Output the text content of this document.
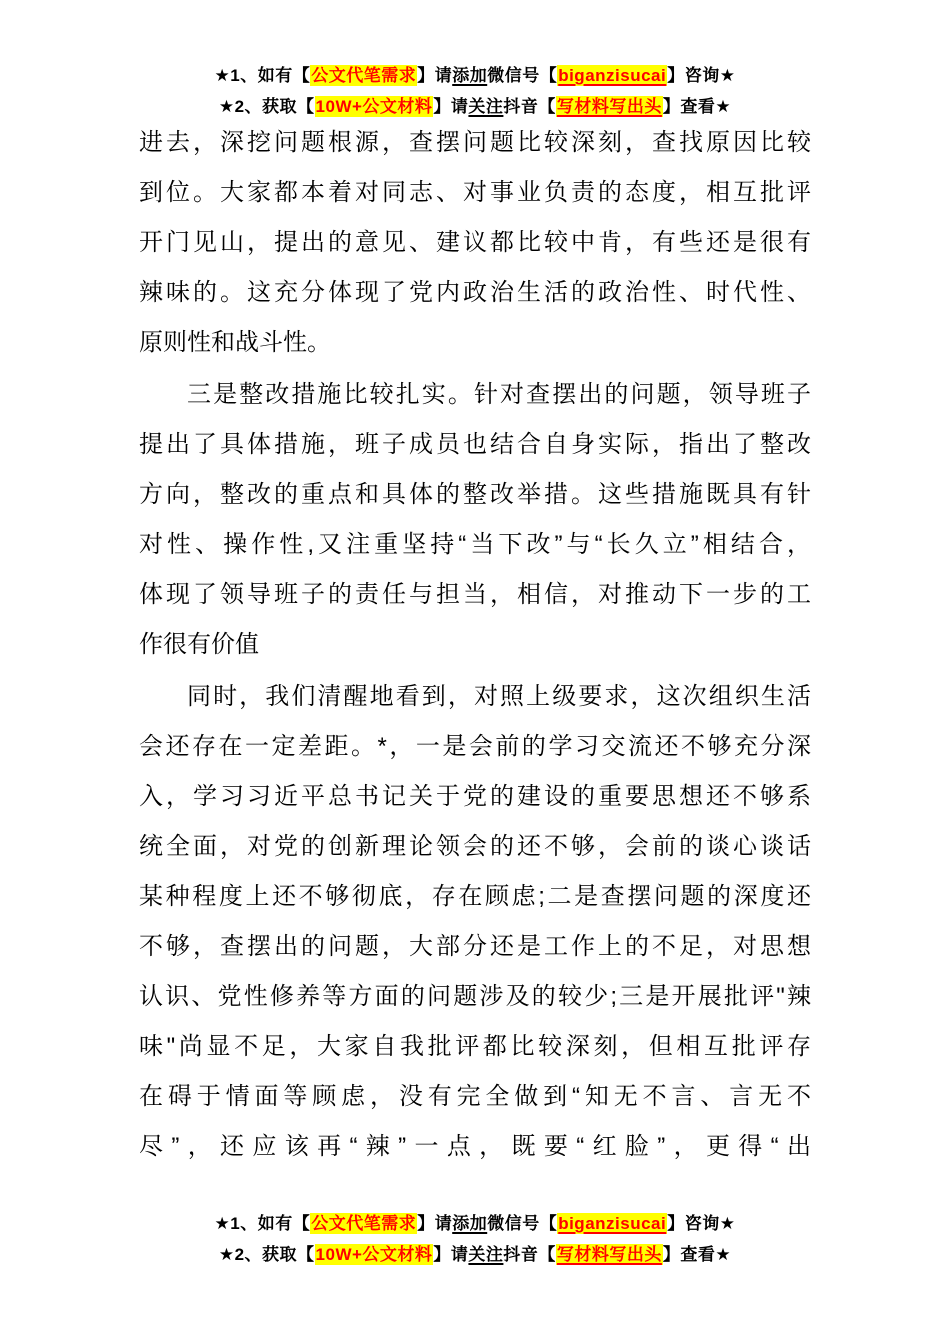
★1、如有【公文代笔需求】请添加微信号【biganzisucai】咨询★
★2、获取【10W+公文材料】请关注抖音【写材料写出头】查看★
进去，深挖问题根源，查摆问题比较深刻，查找原因比较
到位。大家都本着对同志、对事业负责的态度，相互批评
开门见山，提出的意见、建议都比较中肯，有些还是很有
辣味的。这充分体现了党内政治生活的政治性、时代性、
原则性和战斗性。
三是整改措施比较扎实。针对查摆出的问题，领导班子
提出了具体措施，班子成员也结合自身实际，指出了整改
方向，整改的重点和具体的整改举措。这些措施既具有针
对性、操作性,又注重坚持“当下改”与“长久立”相结合，
体现了领导班子的责任与担当，相信，对推动下一步的工
作很有价值
同时，我们清醒地看到，对照上级要求，这次组织生活
会还存在一定差距。*，一是会前的学习交流还不够充分深
入，学习习近平总书记关于党的建设的重要思想还不够系
统全面，对党的创新理论领会的还不够，会前的谈心谈话
某种程度上还不够彻底，存在顾虑;二是查摆问题的深度还
不够，查摆出的问题，大部分还是工作上的不足，对思想
认识、党性修养等方面的问题涉及的较少;三是开展批评"辣
味"尚显不足，大家自我批评都比较深刻，但相互批评存
在碍于情面等顾虑，没有完全做到“知无不言、言无不
尽”，还应该再“辣”一点，既要“红脸”，更得“出
★1、如有【公文代笔需求】请添加微信号【biganzisucai】咨询★
★2、获取【10W+公文材料】请关注抖音【写材料写出头】查看★
